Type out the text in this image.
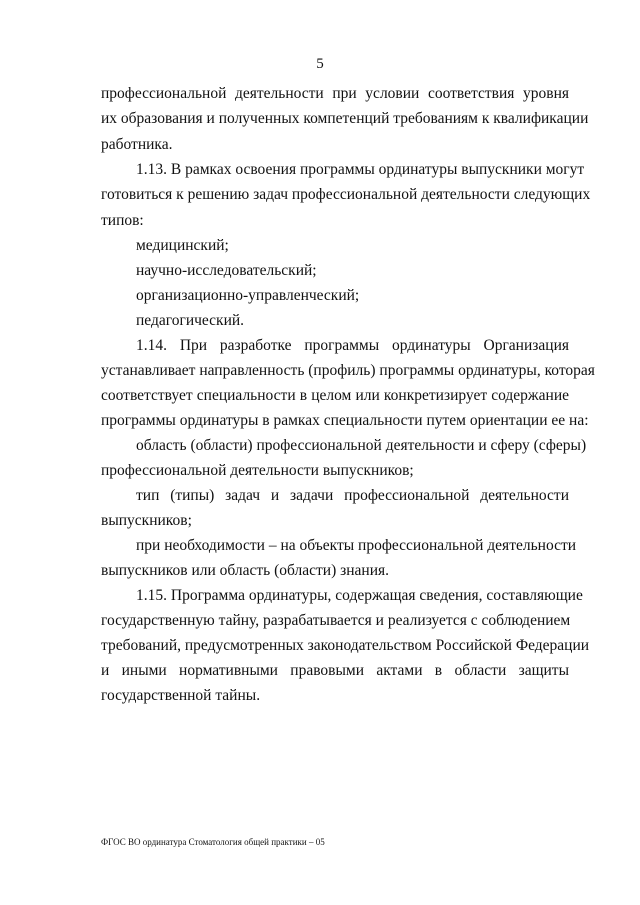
5
профессиональной деятельности при условии соответствия уровня
их образования и полученных компетенций требованиям к квалификации
работника.
1.13. В рамках освоения программы ординатуры выпускники могут
готовиться к решению задач профессиональной деятельности следующих
типов:
медицинский;
научно-исследовательский;
организационно-управленческий;
педагогический.
1.14. При разработке программы ординатуры Организация
устанавливает направленность (профиль) программы ординатуры, которая
соответствует специальности в целом или конкретизирует содержание
программы ординатуры в рамках специальности путем ориентации ее на:
область (области) профессиональной деятельности и сферу (сферы)
профессиональной деятельности выпускников;
тип (типы) задач и задачи профессиональной деятельности
выпускников;
при необходимости – на объекты профессиональной деятельности
выпускников или область (области) знания.
1.15. Программа ординатуры, содержащая сведения, составляющие
государственную тайну, разрабатывается и реализуется с соблюдением
требований, предусмотренных законодательством Российской Федерации
и иными нормативными правовыми актами в области защиты
государственной тайны.
ФГОС ВО ординатура Стоматология общей практики – 05
